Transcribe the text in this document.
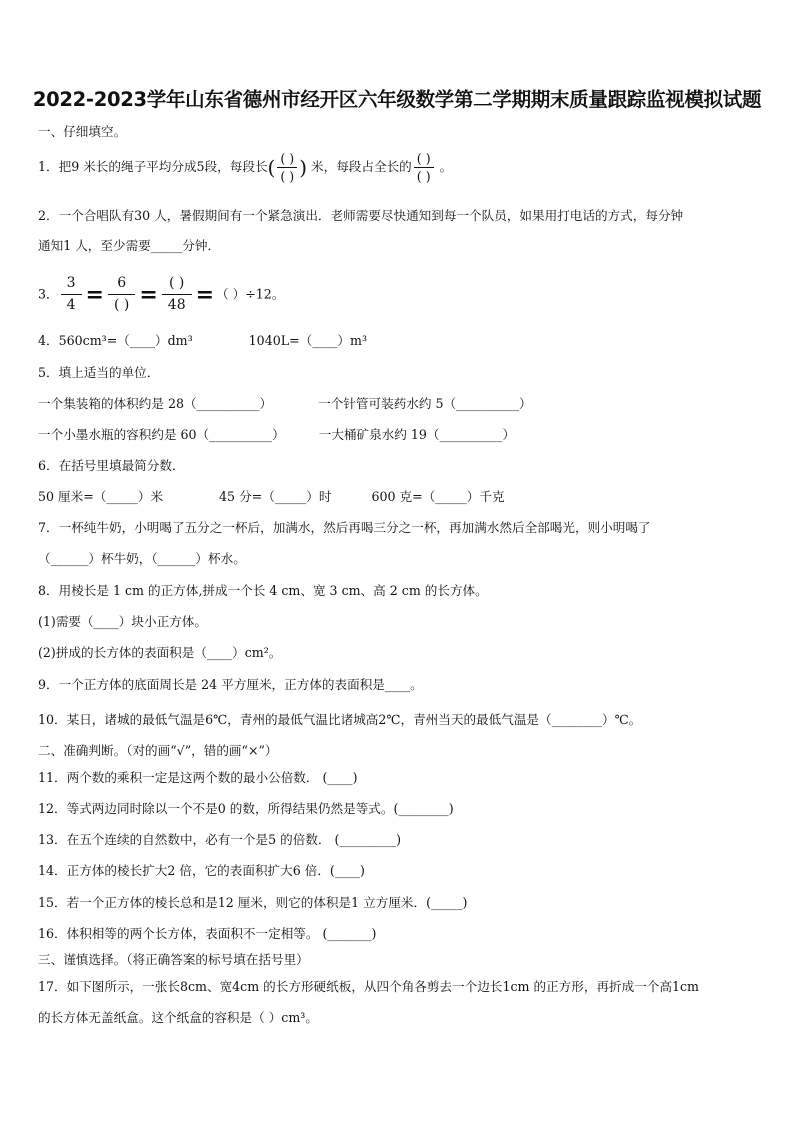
2022-2023学年山东省德州市经开区六年级数学第二学期期末质量跟踪监视模拟试题
一、仔细填空。
1．把9 米长的绳子平均分成5段，每段长( $\frac{( )}{( )}$ ) 米，每段占全长的 $\frac{( )}{( )}$ 。
2．一个合唱队有30 人，暑假期间有一个紧急演出．老师需要尽快通知到每一个队员，如果用打电话的方式，每分钟
通知1 人，至少需要_____分钟．
3． $\frac{3}{4} = \frac{6}{( )} = \frac{( )}{48}$ = （ ）÷12。
4．560cm³=（____）dm³	1040L=（____）m³
5．填上适当的单位．
一个集装箱的体积约是 28（__________）	一个针管可装药水约 5（__________）
一个小墨水瓶的容积约是 60（__________）	一大桶矿泉水约 19（__________）
6．在括号里填最简分数．
50 厘米=（_____）米	45 分=（_____）时	600 克=（_____）千克
7．一杯纯牛奶，小明喝了五分之一杯后，加满水，然后再喝三分之一杯，再加满水然后全部喝光，则小明喝了
（______）杯牛奶，（______）杯水。
8．用棱长是 1 cm 的正方体,拼成一个长 4 cm、宽 3 cm、高 2 cm 的长方体。
(1)需要（____）块小正方体。
(2)拼成的长方体的表面积是（____）cm²。
9．一个正方体的底面周长是 24 平方厘米，正方体的表面积是____。
10．某日，诸城的最低气温是6℃，青州的最低气温比诸城高2℃，青州当天的最低气温是（________）℃。
二、准确判断。（对的画“√”，错的画“×”）
11．两个数的乘积一定是这两个数的最小公倍数． (____)
12．等式两边同时除以一个不是0 的数，所得结果仍然是等式。(________)
13．在五个连续的自然数中，必有一个是5 的倍数． (_________)
14．正方体的棱长扩大2 倍，它的表面积扩大6 倍．(____)
15．若一个正方体的棱长总和是12 厘米，则它的体积是1 立方厘米．(_____)
16．体积相等的两个长方体，表面积不一定相等。 (_______)
三、谨慎选择。（将正确答案的标号填在括号里）
17．如下图所示，一张长8cm、宽4cm 的长方形硬纸板，从四个角各剪去一个边长1cm 的正方形，再折成一个高1cm
的长方体无盖纸盒。这个纸盒的容积是（ ）cm³。
